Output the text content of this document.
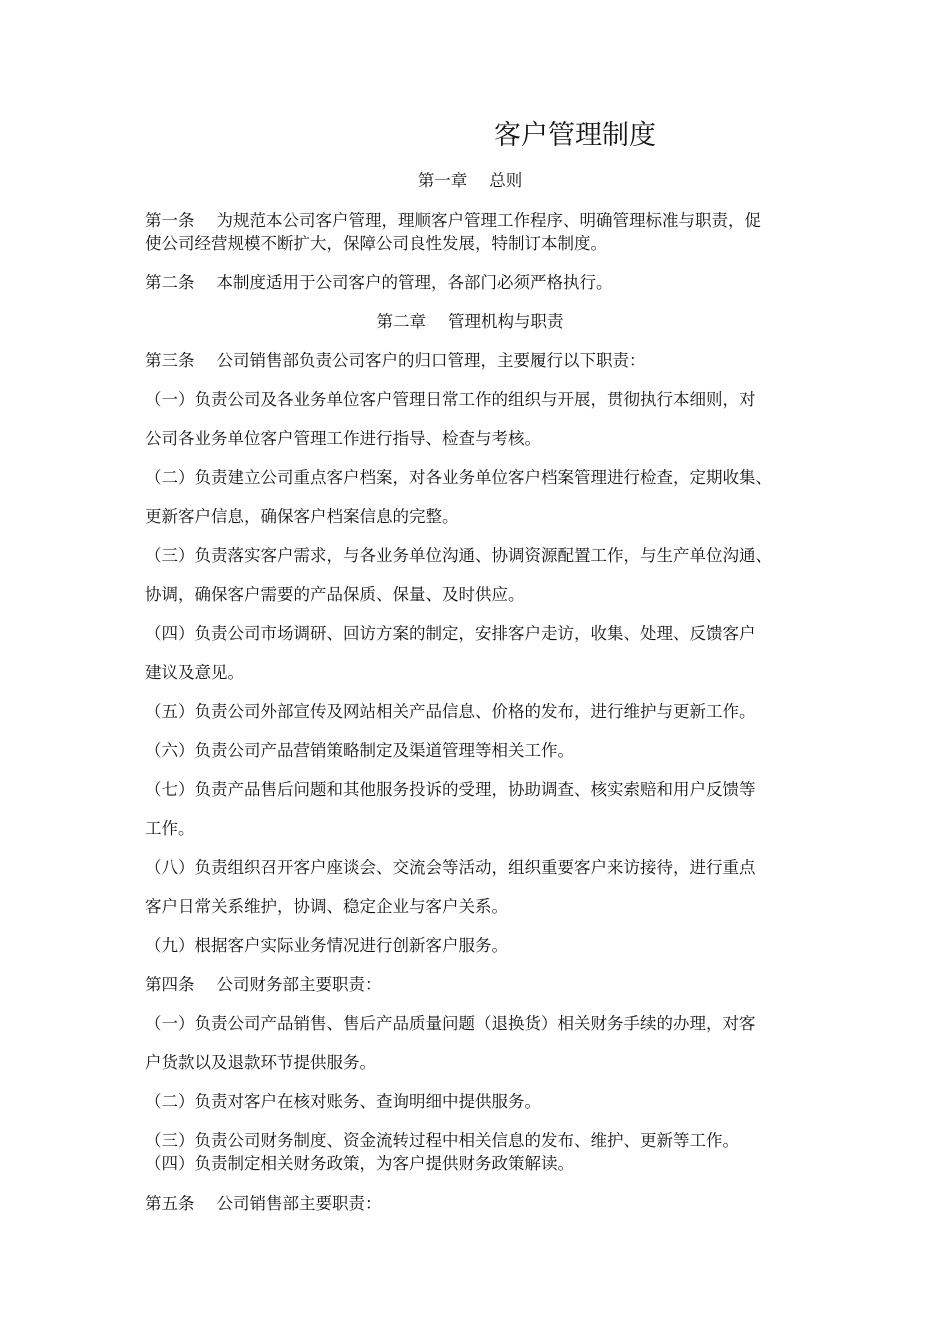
客户管理制度
第一章 总则
第一条 为规范本公司客户管理，理顺客户管理工作程序、明确管理标准与职责，促
使公司经营规模不断扩大，保障公司良性发展，特制订本制度。
第二条 本制度适用于公司客户的管理，各部门必须严格执行。
第二章 管理机构与职责
第三条 公司销售部负责公司客户的归口管理，主要履行以下职责：
（一）负责公司及各业务单位客户管理日常工作的组织与开展，贯彻执行本细则，对
公司各业务单位客户管理工作进行指导、检查与考核。
（二）负责建立公司重点客户档案，对各业务单位客户档案管理进行检查，定期收集、
更新客户信息，确保客户档案信息的完整。
（三）负责落实客户需求，与各业务单位沟通、协调资源配置工作，与生产单位沟通、
协调，确保客户需要的产品保质、保量、及时供应。
（四）负责公司市场调研、回访方案的制定，安排客户走访，收集、处理、反馈客户
建议及意见。
（五）负责公司外部宣传及网站相关产品信息、价格的发布，进行维护与更新工作。
（六）负责公司产品营销策略制定及渠道管理等相关工作。
（七）负责产品售后问题和其他服务投诉的受理，协助调查、核实索赔和用户反馈等
工作。
（八）负责组织召开客户座谈会、交流会等活动，组织重要客户来访接待，进行重点
客户日常关系维护，协调、稳定企业与客户关系。
（九）根据客户实际业务情况进行创新客户服务。
第四条 公司财务部主要职责：
（一）负责公司产品销售、售后产品质量问题（退换货）相关财务手续的办理，对客
户货款以及退款环节提供服务。
（二）负责对客户在核对账务、查询明细中提供服务。
（三）负责公司财务制度、资金流转过程中相关信息的发布、维护、更新等工作。
（四）负责制定相关财务政策，为客户提供财务政策解读。
第五条 公司销售部主要职责：
